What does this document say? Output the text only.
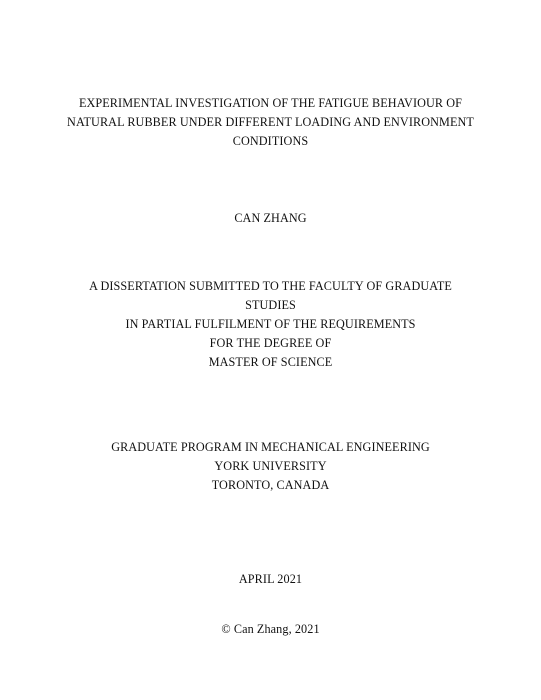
EXPERIMENTAL INVESTIGATION OF THE FATIGUE BEHAVIOUR OF
NATURAL RUBBER UNDER DIFFERENT LOADING AND ENVIRONMENT
CONDITIONS
CAN ZHANG
A DISSERTATION SUBMITTED TO THE FACULTY OF GRADUATE
STUDIES
IN PARTIAL FULFILMENT OF THE REQUIREMENTS
FOR THE DEGREE OF
MASTER OF SCIENCE
GRADUATE PROGRAM IN MECHANICAL ENGINEERING
YORK UNIVERSITY
TORONTO, CANADA
APRIL 2021
© Can Zhang, 2021
